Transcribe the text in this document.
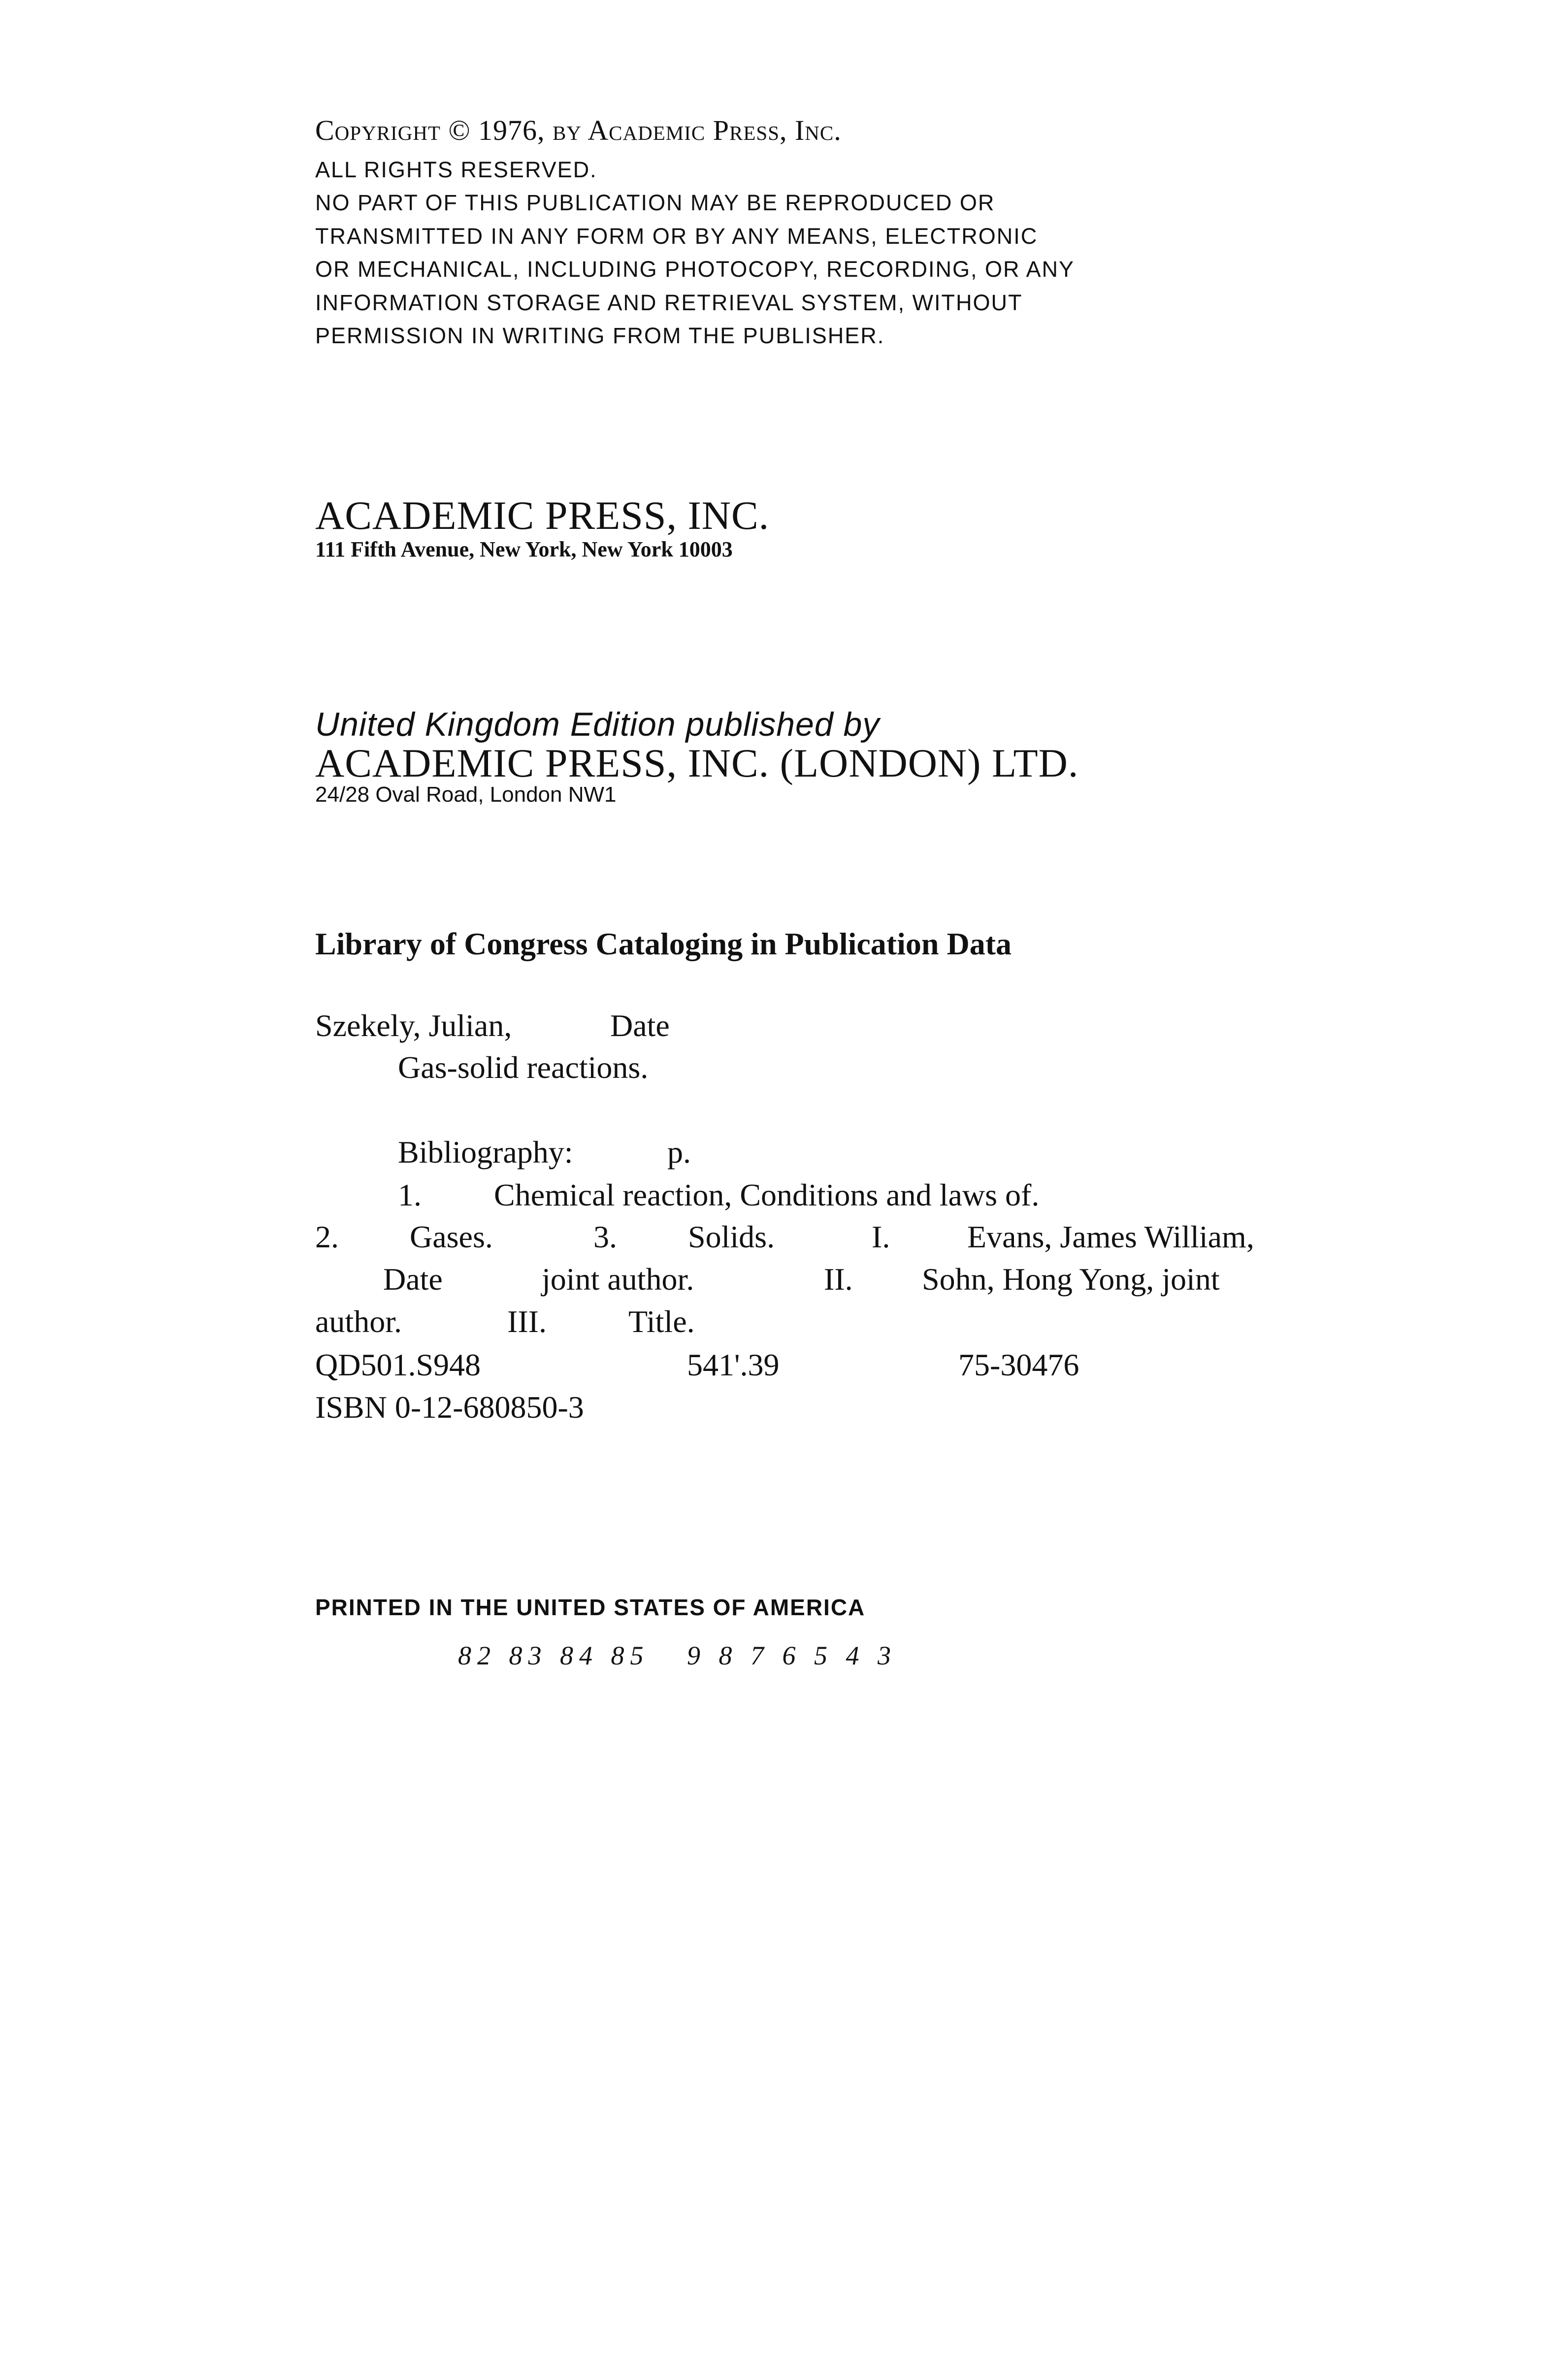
Copyright © 1976, by Academic Press, Inc.
ALL RIGHTS RESERVED.
NO PART OF THIS PUBLICATION MAY BE REPRODUCED OR
TRANSMITTED IN ANY FORM OR BY ANY MEANS, ELECTRONIC
OR MECHANICAL, INCLUDING PHOTOCOPY, RECORDING, OR ANY
INFORMATION STORAGE AND RETRIEVAL SYSTEM, WITHOUT
PERMISSION IN WRITING FROM THE PUBLISHER.
ACADEMIC PRESS, INC.
111 Fifth Avenue, New York, New York 10003
United Kingdom Edition published by
ACADEMIC PRESS, INC. (LONDON) LTD.
24/28 Oval Road, London NW1
Library of Congress Cataloging in Publication Data
Szekely, Julian,	Date
Gas-solid reactions.
Bibliography:	p.
1. Chemical reaction, Conditions and laws of.
2. Gases.	3. Solids.	I. Evans, James William,
Date	joint author.	II. Sohn, Hong Yong, joint
author.	III.	Title.
QD501.S948	541'.39	75-30476
ISBN 0-12-680850-3
PRINTED IN THE UNITED STATES OF AMERICA
82 83 84 85   9 8 7 6 5 4 3
